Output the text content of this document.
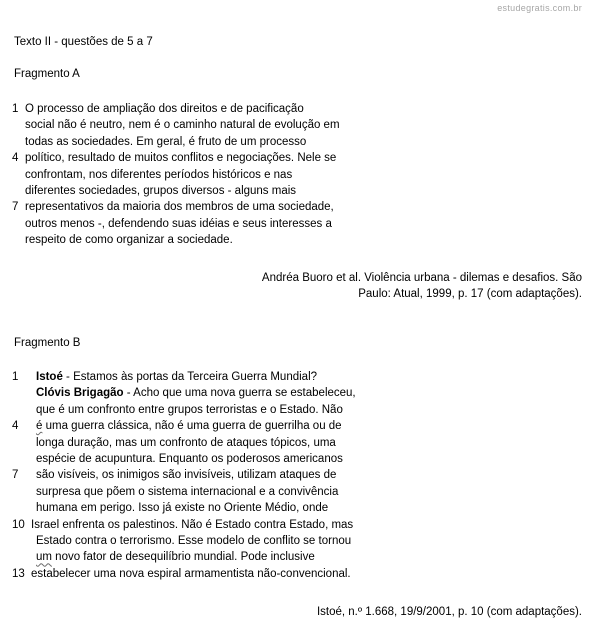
estudegratis.com.br
Texto II - questões de 5 a 7
Fragmento A
1 O processo de ampliação dos direitos e de pacificação
social não é neutro, nem é o caminho natural de evolução em
todas as sociedades. Em geral, é fruto de um processo
4 político, resultado de muitos conflitos e negociações. Nele se
confrontam, nos diferentes períodos históricos e nas
diferentes sociedades, grupos diversos - alguns mais
7 representativos da maioria dos membros de uma sociedade,
outros menos -, defendendo suas idéias e seus interesses a
respeito de como organizar a sociedade.
Andréa Buoro et al. Violência urbana - dilemas e desafios. São
Paulo: Atual, 1999, p. 17 (com adaptações).
Fragmento B
1	Istoé - Estamos às portas da Terceira Guerra Mundial?
Clóvis Brigagão - Acho que uma nova guerra se estabeleceu,
que é um confronto entre grupos terroristas e o Estado. Não
4	é uma guerra clássica, não é uma guerra de guerrilha ou de
longa duração, mas um confronto de ataques tópicos, uma
espécie de acupuntura. Enquanto os poderosos americanos
7	são visíveis, os inimigos são invisíveis, utilizam ataques de
surpresa que põem o sistema internacional e a convivência
humana em perigo. Isso já existe no Oriente Médio, onde
10 Israel enfrenta os palestinos. Não é Estado contra Estado, mas
Estado contra o terrorismo. Esse modelo de conflito se tornou
um novo fator de desequilíbrio mundial. Pode inclusive
13 estabelecer uma nova espiral armamentista não-convencional.
Istoé, n.º 1.668, 19/9/2001, p. 10 (com adaptações).
